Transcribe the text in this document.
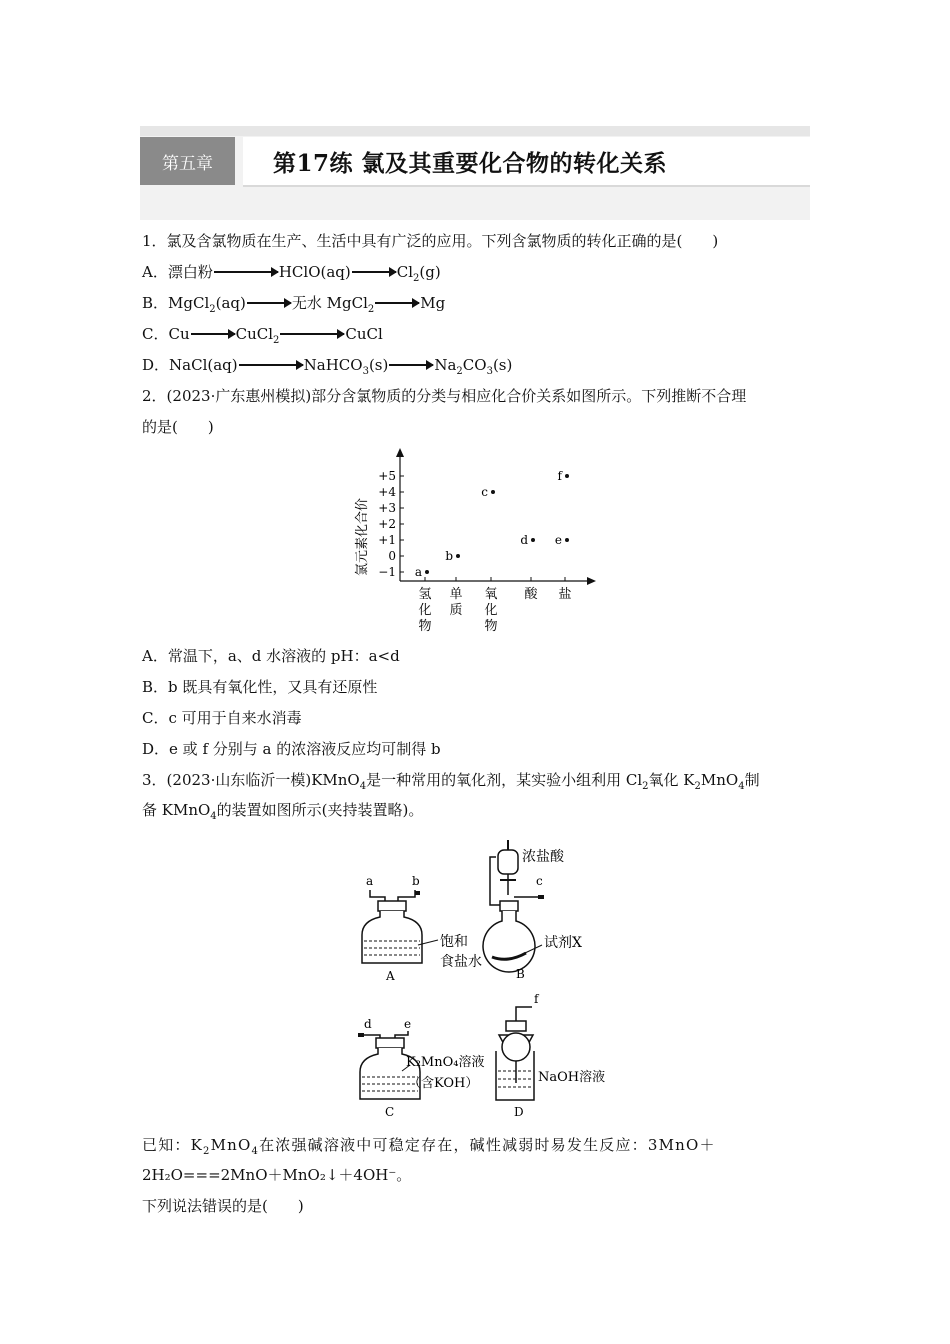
第五章	第17练 氯及其重要化合物的转化关系
1．氯及含氯物质在生产、生活中具有广泛的应用。下列含氯物质的转化正确的是(　　)
A．漂白粉	HClO(aq)	$Cl_2(g)$
B．MgCl$_2$(aq)	无水 MgCl$_2$	Mg
C．Cu	CuCl$_2$	CuCl
D．NaCl(aq)	NaHCO$_3$(s)	$Na_2CO_3(s)$
2．(2023·广东惠州模拟)部分含氯物质的分类与相应化合价关系如图所示。下列推断不合理
的是(　　)
氯元素化合价
+5
+4
+3
+2
+1
0
−1
氢化物
单质
氧化物
酸 盐
a
b
c
d e
f
A．常温下，a、d 水溶液的 pH：a<d
B．b 既具有氧化性，又具有还原性
C．c 可用于自来水消毒
D．e 或 f 分别与 a 的浓溶液反应均可制得 b
3．(2023·山东临沂一模)KMnO$_4$是一种常用的氧化剂，某实验小组利用 $Cl_2$氧化 $K_2MnO_4$制
备 KMnO$_4$的装置如图所示(夹持装置略)。
a	b
饱和
食盐水
A
浓盐酸
c
试剂X
B
d	e
K₂MnO₄溶液
（含KOH）
C
f
NaOH溶液
D
已知：$K_2MnO_4$在浓强碱溶液中可稳定存在，碱性减弱时易发生反应：3MnO＋
2H₂O===2MnO＋MnO₂↓＋4OH⁻。
下列说法错误的是(　　)
